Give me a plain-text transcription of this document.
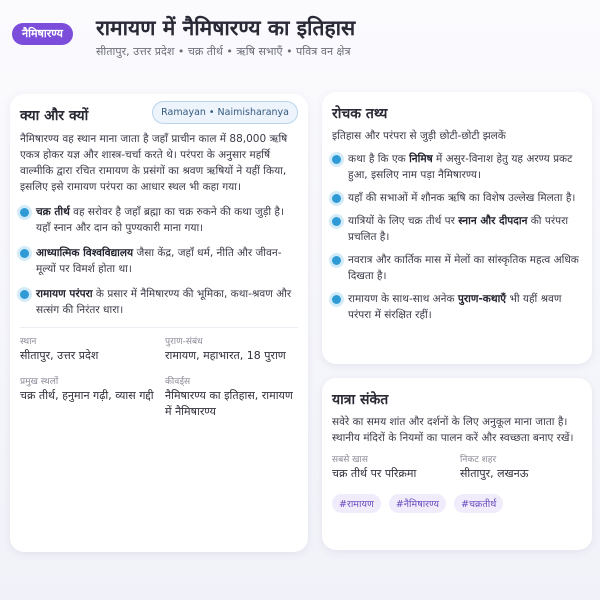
नैमिषारण्य	रामायण में नैमिषारण्य का इतिहास
सीतापुर, उत्तर प्रदेश • चक्र तीर्थ • ऋषि सभाएँ • पवित्र वन क्षेत्र
Ramayan • Naimisharanya
क्या और क्यों

नैमिषारण्य वह स्थान माना जाता है जहाँ प्राचीन काल में 88,000 ऋषि एकत्र होकर यज्ञ और शास्त्र-चर्चा करते थे। परंपरा के अनुसार महर्षि वाल्मीकि द्वारा रचित रामायण के प्रसंगों का श्रवण ऋषियों ने यहीं किया, इसलिए इसे रामायण परंपरा का आधार स्थल भी कहा गया।

चक्र तीर्थ वह सरोवर है जहाँ ब्रह्मा का चक्र रुकने की कथा जुड़ी है। यहाँ स्नान और दान को पुण्यकारी माना गया।
आध्यात्मिक विश्वविद्यालय जैसा केंद्र, जहाँ धर्म, नीति और जीवन-मूल्यों पर विमर्श होता था।
रामायण परंपरा के प्रसार में नैमिषारण्य की भूमिका, कथा-श्रवण और सत्संग की निरंतर धारा।
स्थान
सीतापुर, उत्तर प्रदेश
पुराण-संबंध
रामायण, महाभारत, 18 पुराण
प्रमुख स्थलों
चक्र तीर्थ, हनुमान गढ़ी, व्यास गद्दी
कीवर्ड्स
नैमिषारण्य का इतिहास, रामायण में नैमिषारण्य
रोचक तथ्य

इतिहास और परंपरा से जुड़ी छोटी-छोटी झलकें

कथा है कि एक निमिष में असुर-विनाश हेतु यह अरण्य प्रकट हुआ, इसलिए नाम पड़ा नैमिषारण्य।
यहाँ की सभाओं में शौनक ऋषि का विशेष उल्लेख मिलता है।
यात्रियों के लिए चक्र तीर्थ पर स्नान और दीपदान की परंपरा प्रचलित है।
नवरात्र और कार्तिक मास में मेलों का सांस्कृतिक महत्व अधिक दिखता है।
रामायण के साथ-साथ अनेक पुराण-कथाएँ भी यहीं श्रवण परंपरा में संरक्षित रहीं।
यात्रा संकेत

सवेरे का समय शांत और दर्शनों के लिए अनुकूल माना जाता है। स्थानीय मंदिरों के नियमों का पालन करें और स्वच्छता बनाए रखें।

सबसे खास
चक्र तीर्थ पर परिक्रमा
निकट शहर
सीतापुर, लखनऊ
#रामायण	#नैमिषारण्य	#चक्रतीर्थ
